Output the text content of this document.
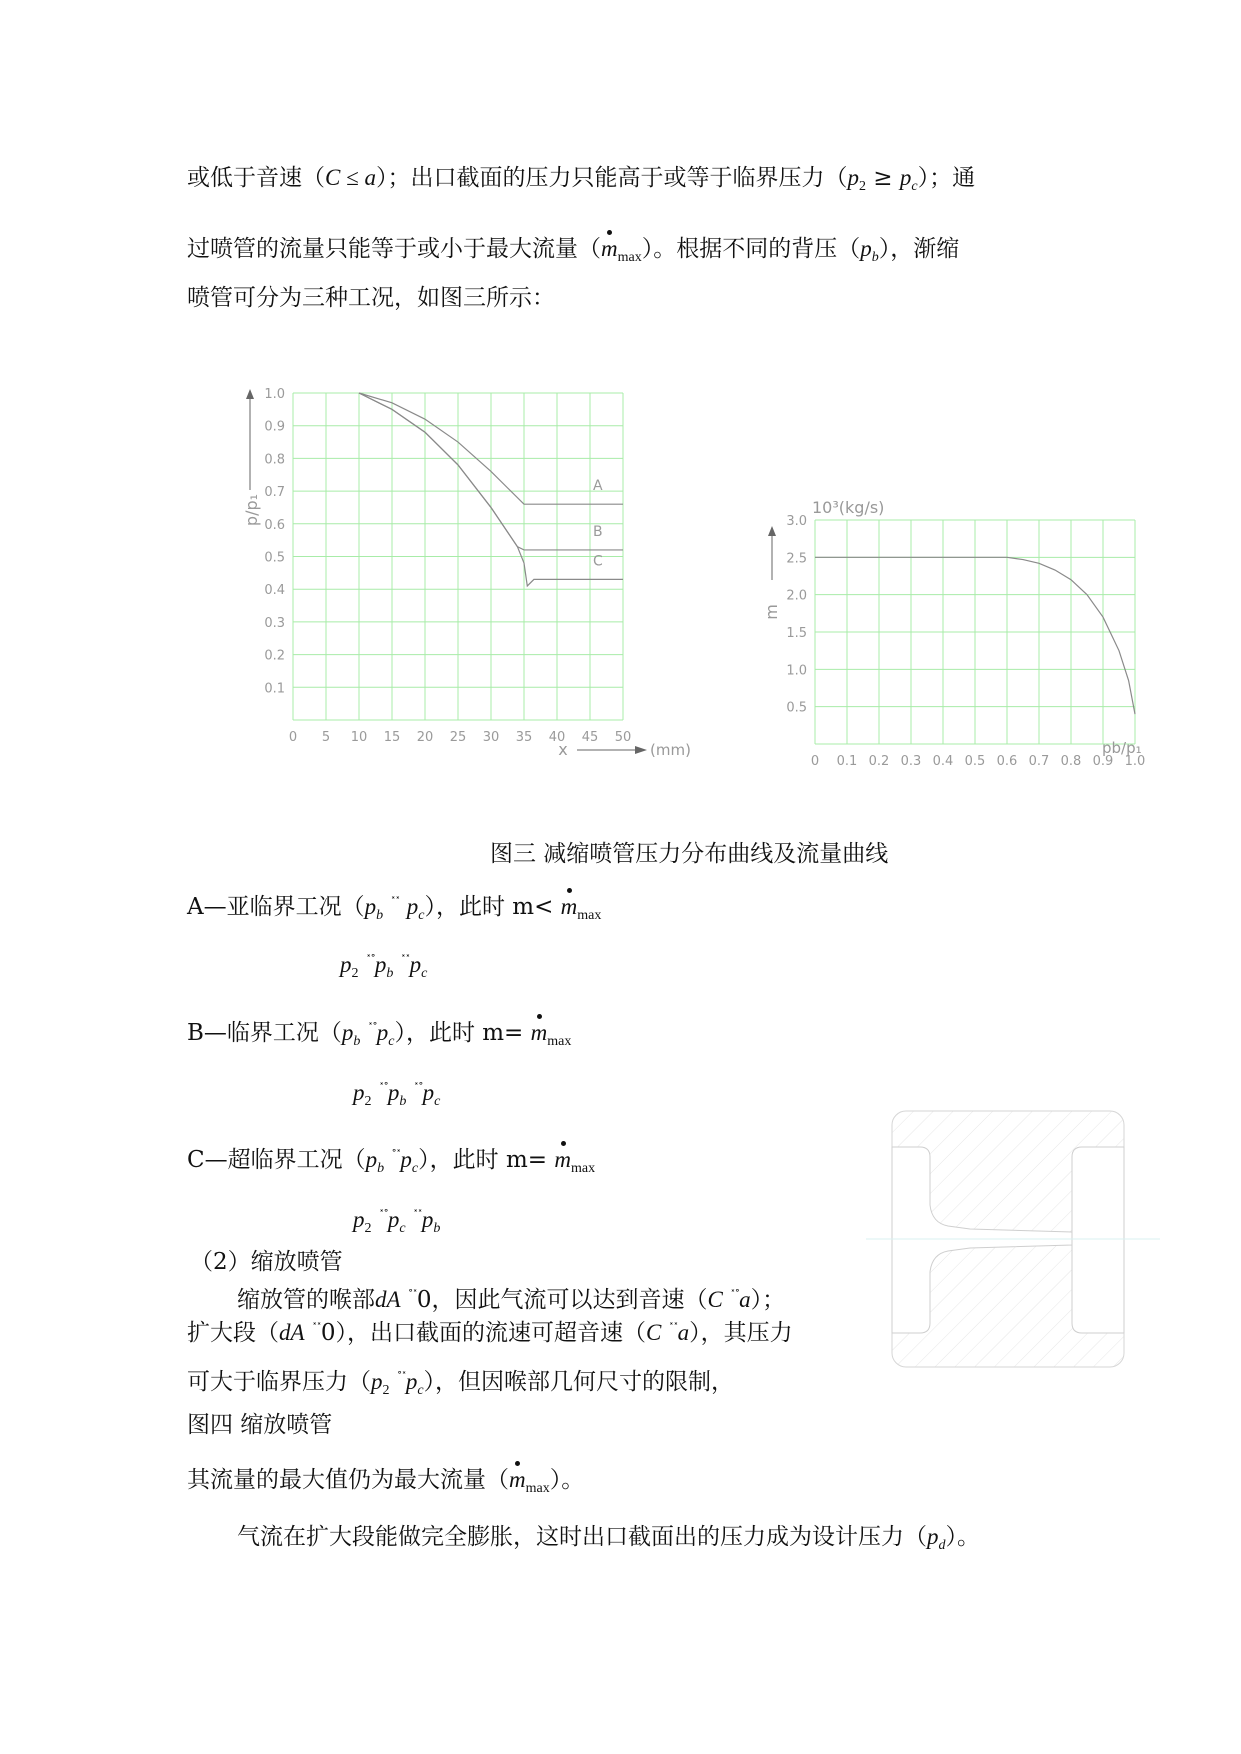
或低于音速（C ≤ a）；出口截面的压力只能高于或等于临界压力$(p_2 \ge p_c)$；通
过喷管的流量只能等于或小于最大流量$(m_{max})$。根据不同的背压$(p_b)$，渐缩
喷管可分为三种工况，如图三所示：
1.0
0.9
0.8
0.7
0.6
0.5
0.4
0.3
0.2
0.1
0 5 10 15 20 25 30 35 40 45 50
A
B
C
p/p₁
x	(mm)
3.0
2.5
2.0
1.5
1.0
0.5
0 0.1 0.2 0.3 0.4 0.5 0.6 0.7 0.8 0.9 1.0
10³(kg/s)
m
pb/p₁
图三 减缩喷管压力分布曲线及流量曲线
A—亚临界工况（$p_b$ ˟˟ $p_c$），此时 $m< m_{max}$
$p_2$ $^{˟˚}p_b$ $^{˟˟}p_c$
B—临界工况（$p_b$ $^{˟˚}p_c$），此时 $m= m_{max}$
$p_2$ $^{˟˚}p_b$ $^{˟˚}p_c$
C—超临界工况（$p_b$ $^{˚˟}p_c$），此时 $m= m_{max}$
$p_2$ $^{˟˚}p_c$ $^{˟˟}p_b$
（2）缩放喷管
缩放管的喉部dA ˚˟0，因此气流可以达到音速（C ˟˚a）；
扩大段（dA ˟˟0），出口截面的流速可超音速（C ˟˟a），其压力
可大于临界压力（$p_2$ $^{˚˟}p_c$），但因喉部几何尺寸的限制，
图四 缩放喷管
其流量的最大值仍为最大流量$(m_{max})$。
气流在扩大段能做完全膨胀，这时出口截面出的压力成为设计压力$(p_d)$。
